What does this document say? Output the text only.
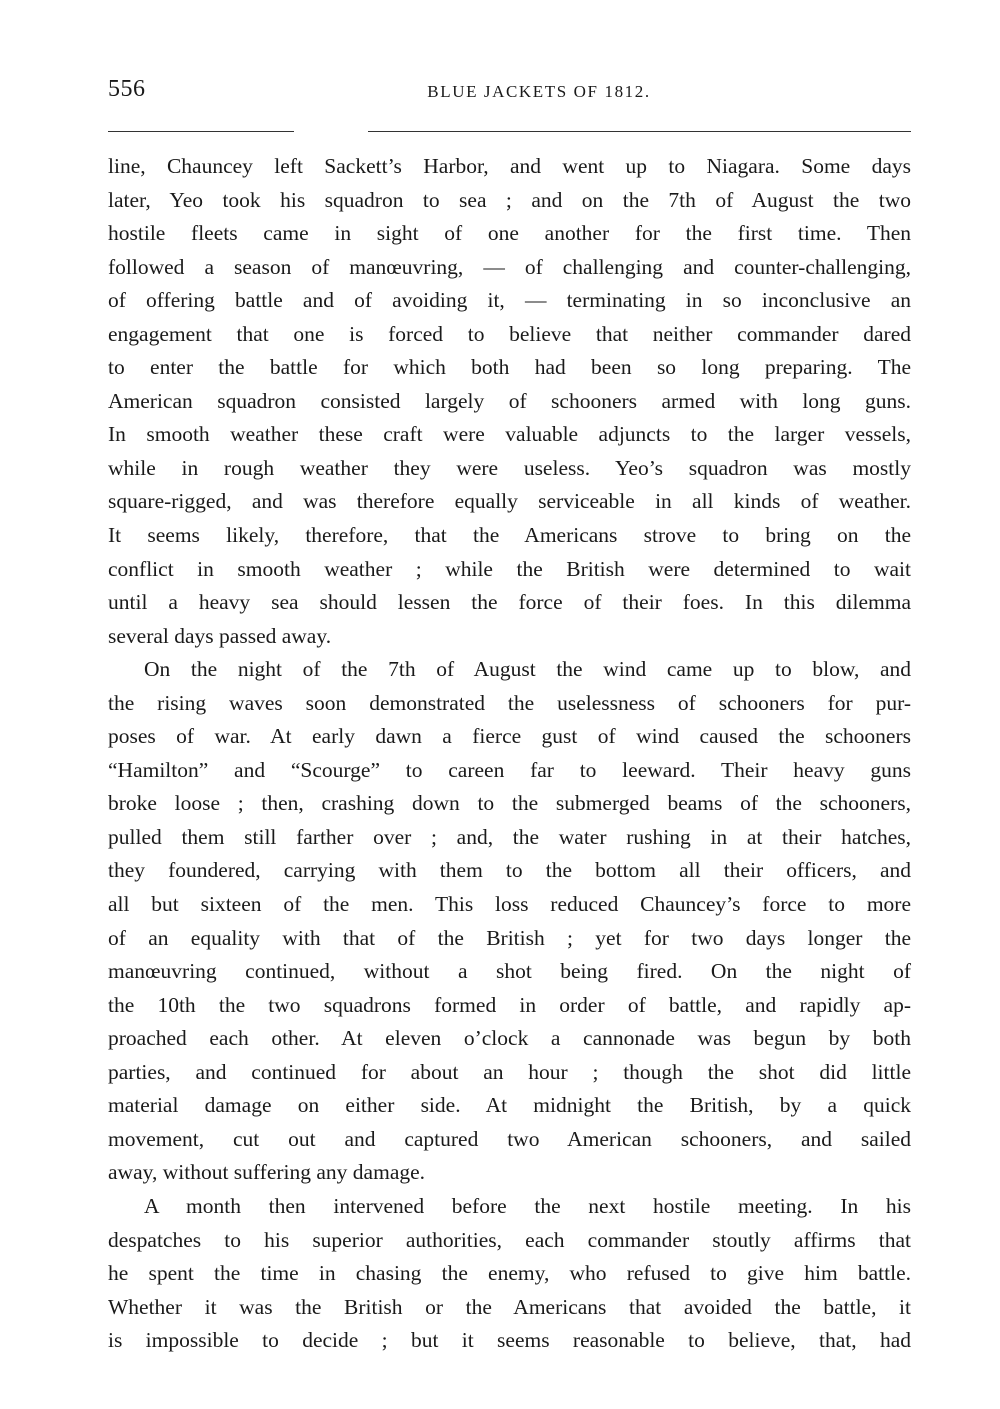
556	BLUE JACKETS OF 1812.
line, Chauncey left Sackett’s Harbor, and went up to Niagara. Some days
later, Yeo took his squadron to sea ; and on the 7th of August the two
hostile fleets came in sight of one another for the first time. Then
followed a season of manœuvring, — of challenging and counter-challenging,
of offering battle and of avoiding it, — terminating in so inconclusive an
engagement that one is forced to believe that neither commander dared
to enter the battle for which both had been so long preparing. The
American squadron consisted largely of schooners armed with long guns.
In smooth weather these craft were valuable adjuncts to the larger vessels,
while in rough weather they were useless. Yeo’s squadron was mostly
square-rigged, and was therefore equally serviceable in all kinds of weather.
It seems likely, therefore, that the Americans strove to bring on the
conflict in smooth weather ; while the British were determined to wait
until a heavy sea should lessen the force of their foes. In this dilemma
several days passed away.
On the night of the 7th of August the wind came up to blow, and
the rising waves soon demonstrated the uselessness of schooners for pur-
poses of war. At early dawn a fierce gust of wind caused the schooners
“Hamilton” and “Scourge” to careen far to leeward. Their heavy guns
broke loose ; then, crashing down to the submerged beams of the schooners,
pulled them still farther over ; and, the water rushing in at their hatches,
they foundered, carrying with them to the bottom all their officers, and
all but sixteen of the men. This loss reduced Chauncey’s force to more
of an equality with that of the British ; yet for two days longer the
manœuvring continued, without a shot being fired. On the night of
the 10th the two squadrons formed in order of battle, and rapidly ap-
proached each other. At eleven o’clock a cannonade was begun by both
parties, and continued for about an hour ; though the shot did little
material damage on either side. At midnight the British, by a quick
movement, cut out and captured two American schooners, and sailed
away, without suffering any damage.
A month then intervened before the next hostile meeting. In his
despatches to his superior authorities, each commander stoutly affirms that
he spent the time in chasing the enemy, who refused to give him battle.
Whether it was the British or the Americans that avoided the battle, it
is impossible to decide ; but it seems reasonable to believe, that, had
